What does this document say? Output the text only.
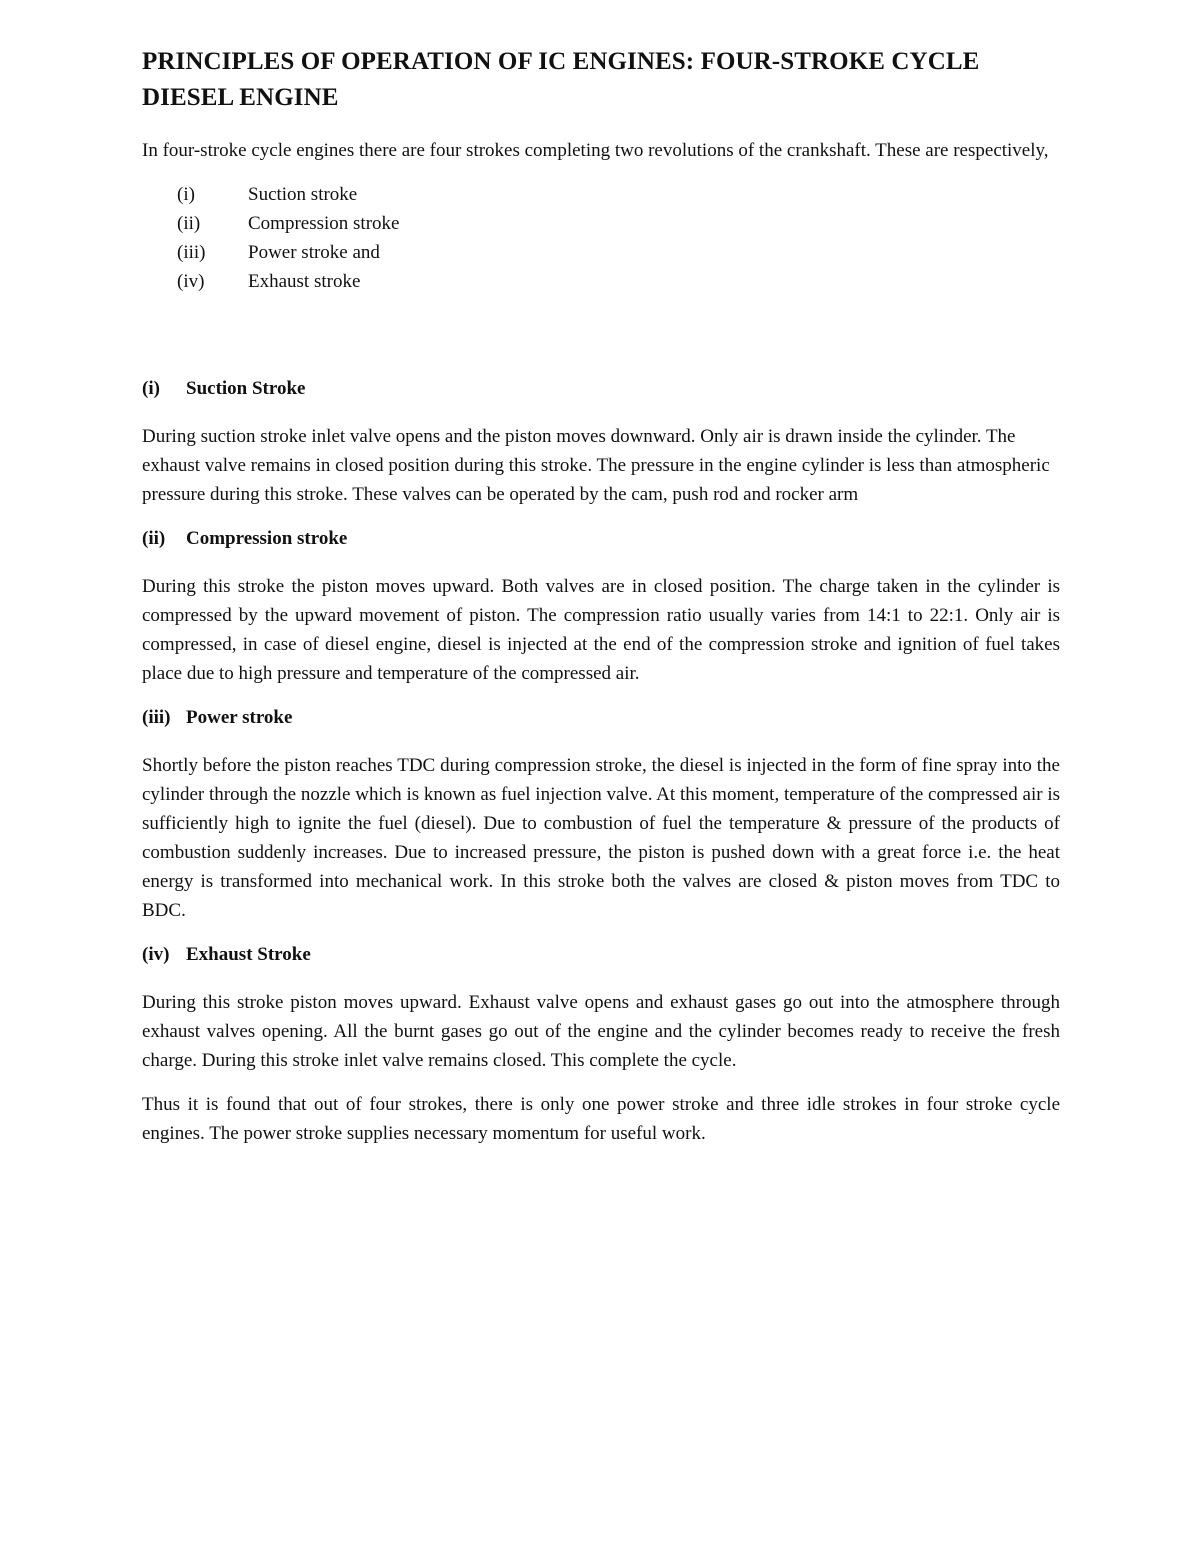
PRINCIPLES OF OPERATION OF IC ENGINES: FOUR-STROKE CYCLE DIESEL ENGINE

In four-stroke cycle engines there are four strokes completing two revolutions of the crankshaft. These are respectively,

(i)	Suction stroke
(ii)	Compression stroke
(iii)	Power stroke and
(iv)	Exhaust stroke
(i)	Suction Stroke

During suction stroke inlet valve opens and the piston moves downward. Only air is drawn inside the cylinder. The exhaust valve remains in closed position during this stroke. The pressure in the engine cylinder is less than atmospheric pressure during this stroke. These valves can be operated by the cam, push rod and rocker arm

(ii)	Compression stroke

During this stroke the piston moves upward. Both valves are in closed position. The charge taken in the cylinder is compressed by the upward movement of piston. The compression ratio usually varies from 14:1 to 22:1. Only air is compressed, in case of diesel engine, diesel is injected at the end of the compression stroke and ignition of fuel takes place due to high pressure and temperature of the compressed air.

(iii) Power stroke

Shortly before the piston reaches TDC during compression stroke, the diesel is injected in the form of fine spray into the cylinder through the nozzle which is known as fuel injection valve. At this moment, temperature of the compressed air is sufficiently high to ignite the fuel (diesel). Due to combustion of fuel the temperature & pressure of the products of combustion suddenly increases. Due to increased pressure, the piston is pushed down with a great force i.e. the heat energy is transformed into mechanical work. In this stroke both the valves are closed & piston moves from TDC to BDC.

(iv) Exhaust Stroke

During this stroke piston moves upward. Exhaust valve opens and exhaust gases go out into the atmosphere through exhaust valves opening. All the burnt gases go out of the engine and the cylinder becomes ready to receive the fresh charge. During this stroke inlet valve remains closed. This complete the cycle.

Thus it is found that out of four strokes, there is only one power stroke and three idle strokes in four stroke cycle engines. The power stroke supplies necessary momentum for useful work.
